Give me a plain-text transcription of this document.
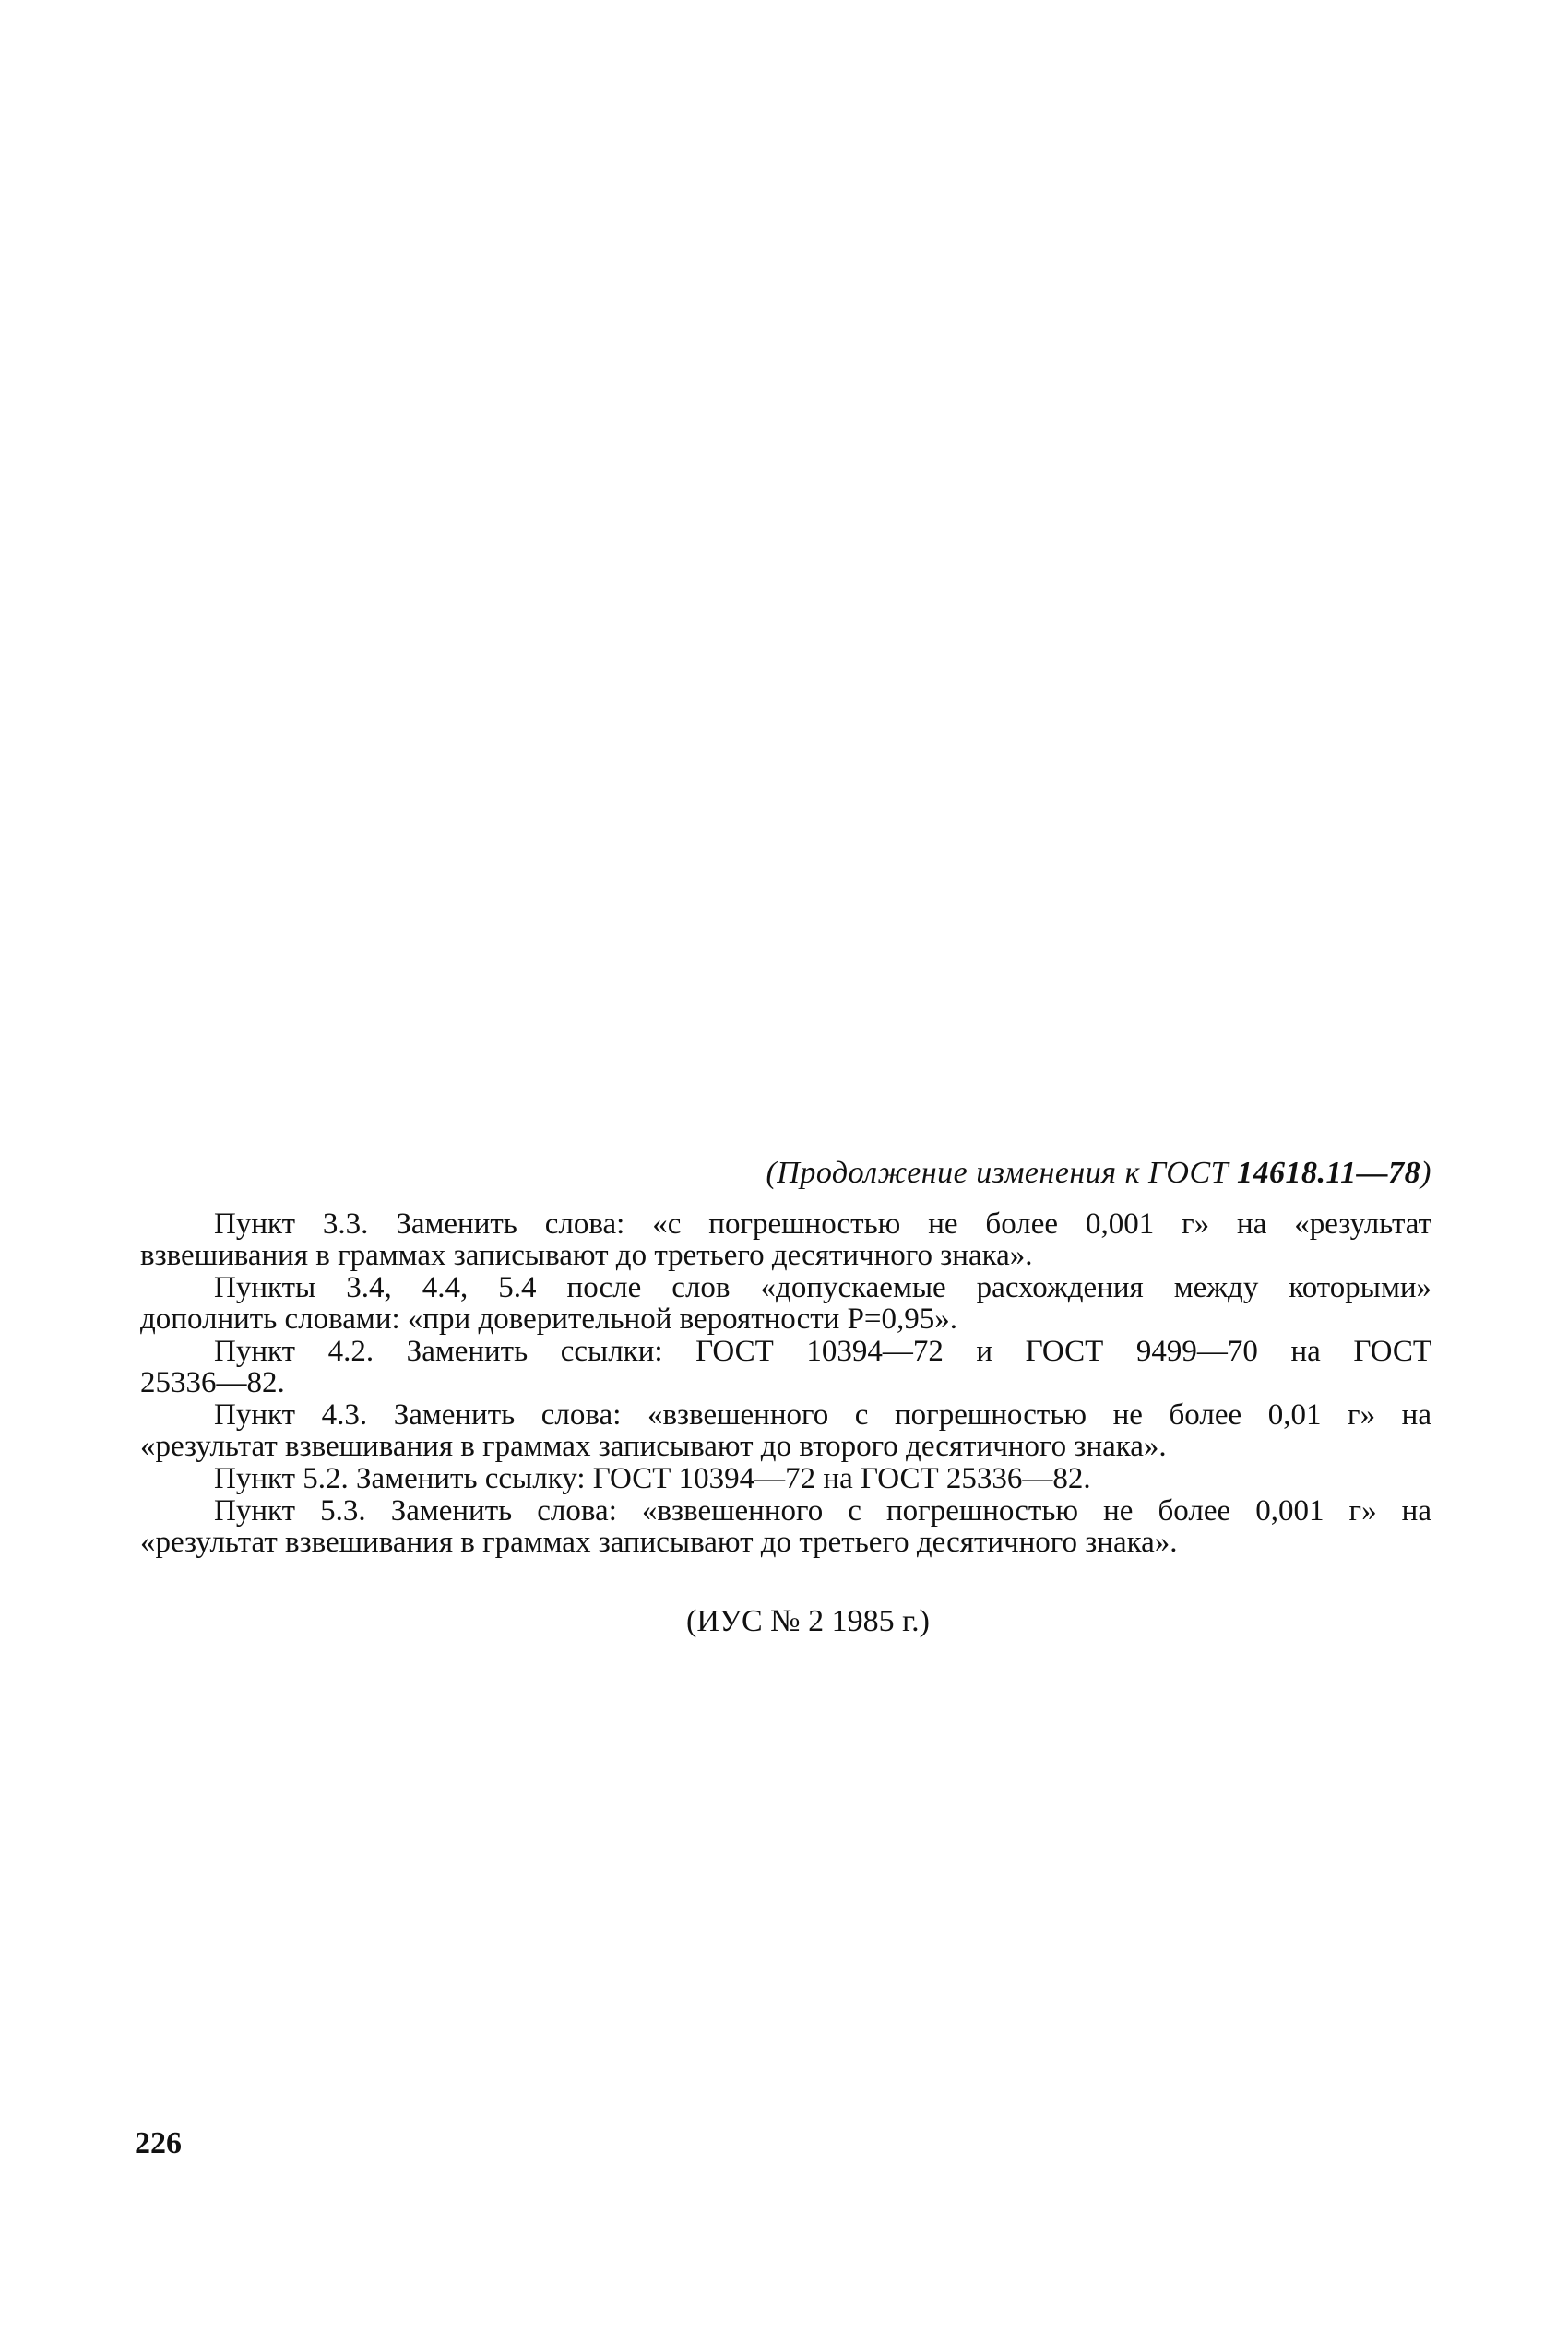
(Продолжение изменения к ГОСТ 14618.11—78)
Пункт 3.3. Заменить слова: «с погрешностью не более 0,001 г» на «результат
взвешивания в граммах записывают до третьего десятичного знака».
Пункты 3.4, 4.4, 5.4 после слов «допускаемые расхождения между которыми»
дополнить словами: «при доверительной вероятности P=0,95».
Пункт 4.2. Заменить ссылки: ГОСТ 10394—72 и ГОСТ 9499—70 на ГОСТ
25336—82.
Пункт 4.3. Заменить слова: «взвешенного с погрешностью не более 0,01 г» на
«результат взвешивания в граммах записывают до второго десятичного знака».
Пункт 5.2. Заменить ссылку: ГОСТ 10394—72 на ГОСТ 25336—82.
Пункт 5.3. Заменить слова: «взвешенного с погрешностью не более 0,001 г» на
«результат взвешивания в граммах записывают до третьего десятичного знака».
(ИУС № 2 1985 г.)
226
